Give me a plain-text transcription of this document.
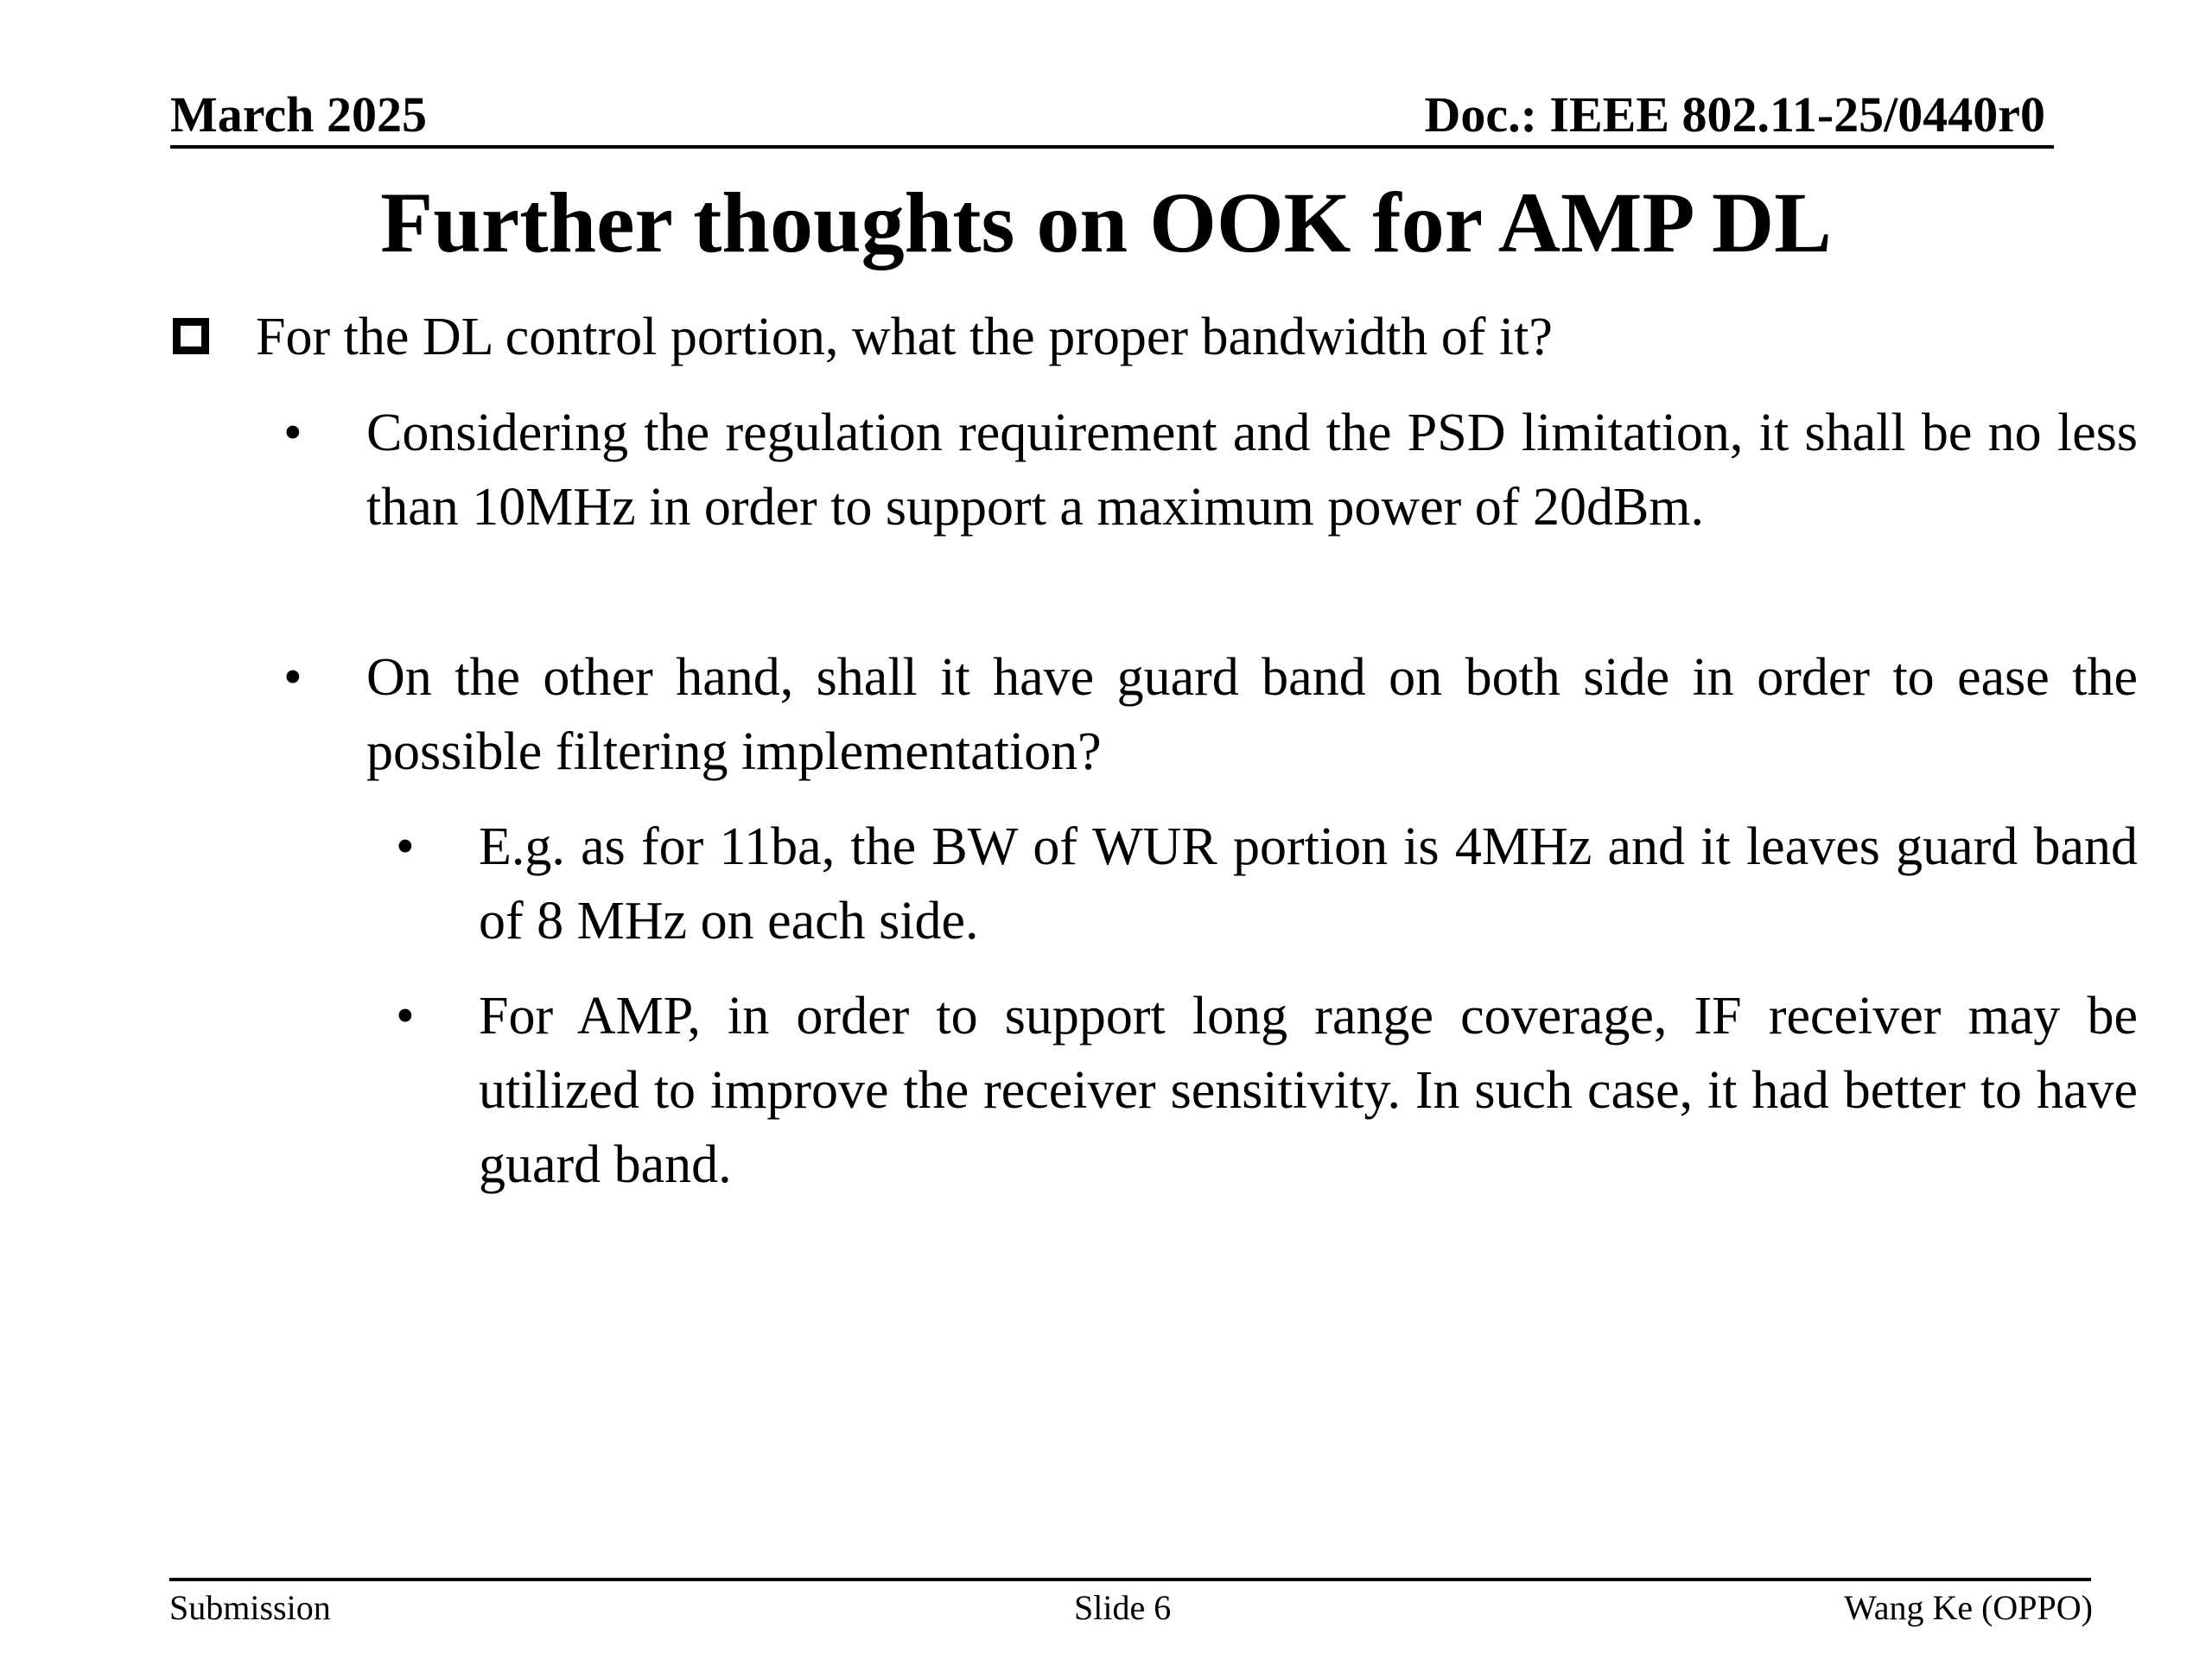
March 2025	Doc.: IEEE 802.11-25/0440r0
Further thoughts on OOK for AMP DL
For the DL control portion, what the proper bandwidth of it?
• Considering the regulation requirement and the PSD limitation, it shall be no less than 10MHz in order to support a maximum power of 20dBm.
• On the other hand, shall it have guard band on both side in order to ease the possible filtering implementation?
• E.g. as for 11ba, the BW of WUR portion is 4MHz and it leaves guard band of 8 MHz on each side.
• For AMP, in order to support long range coverage, IF receiver may be utilized to improve the receiver sensitivity. In such case, it had better to have guard band.
Submission	Slide 6	Wang Ke (OPPO)
